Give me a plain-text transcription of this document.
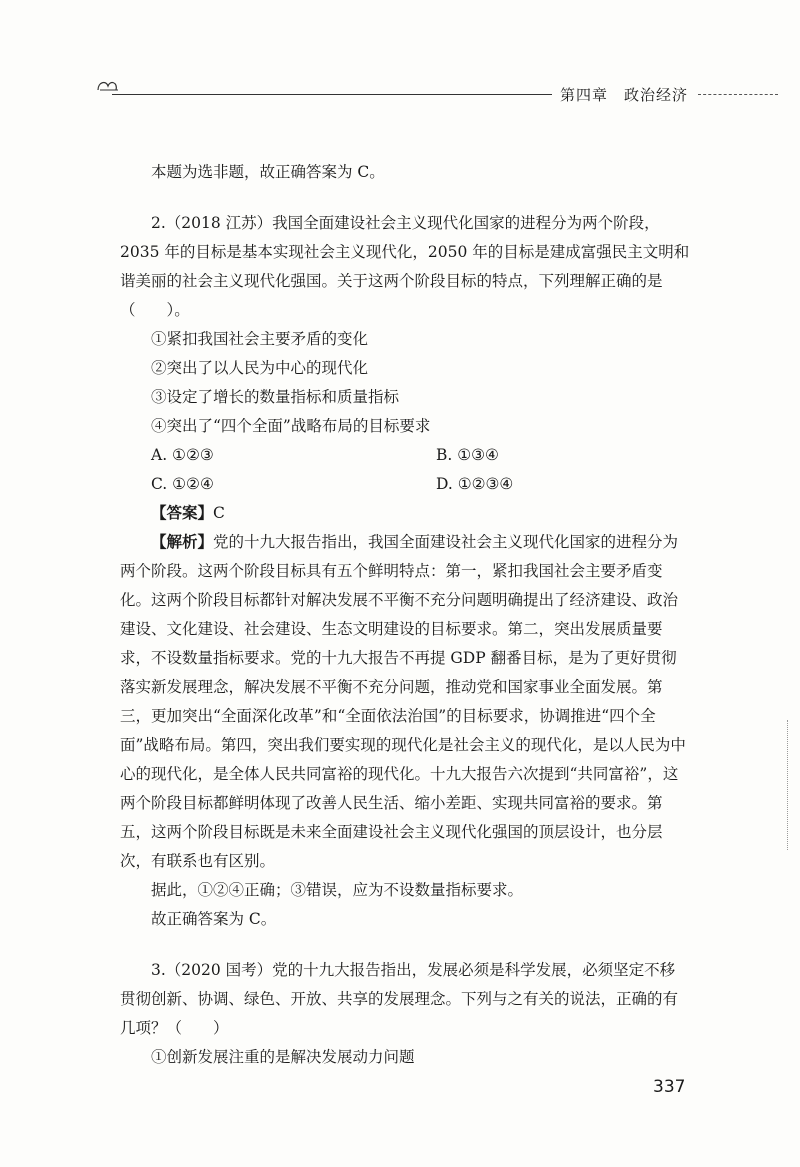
第四章　政治经济

本题为选非题，故正确答案为 C。

2.（2018 江苏）我国全面建设社会主义现代化国家的进程分为两个阶段，2035 年的目标是基本实现社会主义现代化，2050 年的目标是建成富强民主文明和谐美丽的社会主义现代化强国。关于这两个阶段目标的特点，下列理解正确的是（　　）。

①紧扣我国社会主要矛盾的变化

②突出了以人民为中心的现代化

③设定了增长的数量指标和质量指标

④突出了“四个全面”战略布局的目标要求

A. ①②③	B. ①③④
C. ①②④	D. ①②③④

【答案】C

【解析】党的十九大报告指出，我国全面建设社会主义现代化国家的进程分为两个阶段。这两个阶段目标具有五个鲜明特点：第一，紧扣我国社会主要矛盾变化。这两个阶段目标都针对解决发展不平衡不充分问题明确提出了经济建设、政治建设、文化建设、社会建设、生态文明建设的目标要求。第二，突出发展质量要求，不设数量指标要求。党的十九大报告不再提 GDP 翻番目标，是为了更好贯彻落实新发展理念，解决发展不平衡不充分问题，推动党和国家事业全面发展。第三，更加突出“全面深化改革”和“全面依法治国”的目标要求，协调推进“四个全面”战略布局。第四，突出我们要实现的现代化是社会主义的现代化，是以人民为中心的现代化，是全体人民共同富裕的现代化。十九大报告六次提到“共同富裕”，这两个阶段目标都鲜明体现了改善人民生活、缩小差距、实现共同富裕的要求。第五，这两个阶段目标既是未来全面建设社会主义现代化强国的顶层设计，也分层次，有联系也有区别。

据此，①②④正确；③错误，应为不设数量指标要求。

故正确答案为 C。

3.（2020 国考）党的十九大报告指出，发展必须是科学发展，必须坚定不移贯彻创新、协调、绿色、开放、共享的发展理念。下列与之有关的说法，正确的有几项？（　　）

①创新发展注重的是解决发展动力问题

337
